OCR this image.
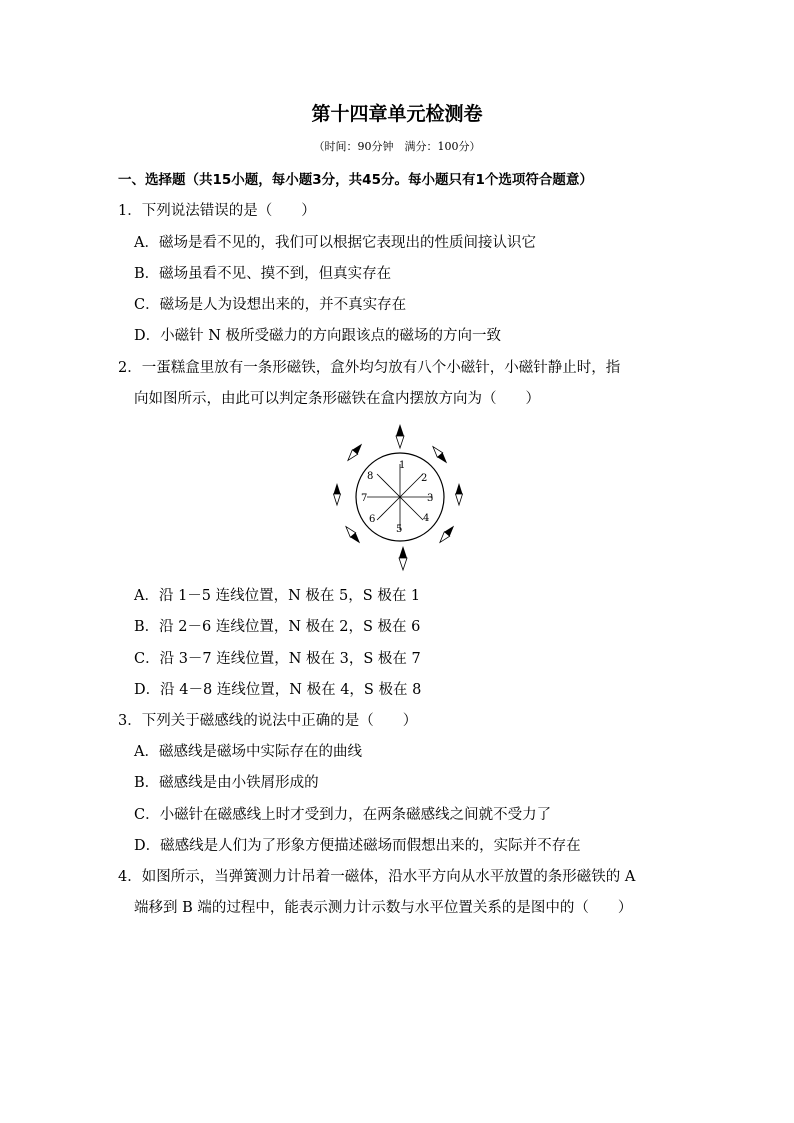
第十四章单元检测卷
（时间：90分钟　满分：100分）
一、选择题（共15小题，每小题3分，共45分。每小题只有1个选项符合题意）
1．下列说法错误的是（　　）
A．磁场是看不见的，我们可以根据它表现出的性质间接认识它
B．磁场虽看不见、摸不到，但真实存在
C．磁场是人为设想出来的，并不真实存在
D．小磁针 N 极所受磁力的方向跟该点的磁场的方向一致
2．一蛋糕盒里放有一条形磁铁，盒外均匀放有八个小磁针，小磁针静止时，指
向如图所示，由此可以判定条形磁铁在盒内摆放方向为（　　）
1
2
3
4
5
6
7
8
A．沿 1－5 连线位置，N 极在 5，S 极在 1
B．沿 2－6 连线位置，N 极在 2，S 极在 6
C．沿 3－7 连线位置，N 极在 3，S 极在 7
D．沿 4－8 连线位置，N 极在 4，S 极在 8
3．下列关于磁感线的说法中正确的是（　　）
A．磁感线是磁场中实际存在的曲线
B．磁感线是由小铁屑形成的
C．小磁针在磁感线上时才受到力，在两条磁感线之间就不受力了
D．磁感线是人们为了形象方便描述磁场而假想出来的，实际并不存在
4．如图所示，当弹簧测力计吊着一磁体，沿水平方向从水平放置的条形磁铁的 A
端移到 B 端的过程中，能表示测力计示数与水平位置关系的是图中的（　　）
